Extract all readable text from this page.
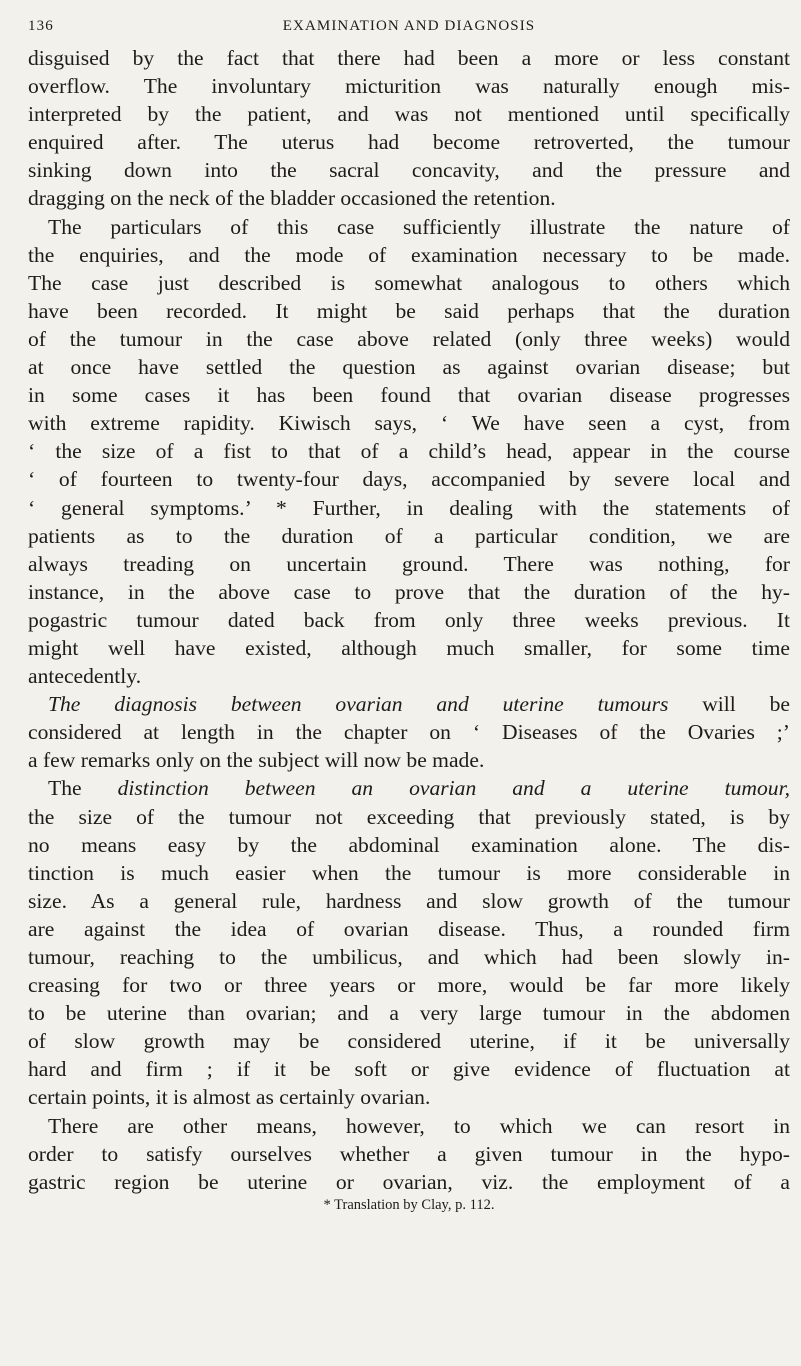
136	EXAMINATION AND DIAGNOSIS
disguised by the fact that there had been a more or less constant
overflow. The involuntary micturition was naturally enough mis-
interpreted by the patient, and was not mentioned until specifically
enquired after. The uterus had become retroverted, the tumour
sinking down into the sacral concavity, and the pressure and
dragging on the neck of the bladder occasioned the retention.
The particulars of this case sufficiently illustrate the nature of
the enquiries, and the mode of examination necessary to be made.
The case just described is somewhat analogous to others which
have been recorded. It might be said perhaps that the duration
of the tumour in the case above related (only three weeks) would
at once have settled the question as against ovarian disease; but
in some cases it has been found that ovarian disease progresses
with extreme rapidity. Kiwisch says, ‘ We have seen a cyst, from
‘ the size of a fist to that of a child’s head, appear in the course
‘ of fourteen to twenty-four days, accompanied by severe local and
‘ general symptoms.’ * Further, in dealing with the statements of
patients as to the duration of a particular condition, we are
always treading on uncertain ground. There was nothing, for
instance, in the above case to prove that the duration of the hy-
pogastric tumour dated back from only three weeks previous. It
might well have existed, although much smaller, for some time
antecedently.
The diagnosis between ovarian and uterine tumours will be
considered at length in the chapter on ‘ Diseases of the Ovaries ;’
a few remarks only on the subject will now be made.
The distinction between an ovarian and a uterine tumour,
the size of the tumour not exceeding that previously stated, is by
no means easy by the abdominal examination alone. The dis-
tinction is much easier when the tumour is more considerable in
size. As a general rule, hardness and slow growth of the tumour
are against the idea of ovarian disease. Thus, a rounded firm
tumour, reaching to the umbilicus, and which had been slowly in-
creasing for two or three years or more, would be far more likely
to be uterine than ovarian; and a very large tumour in the abdomen
of slow growth may be considered uterine, if it be universally
hard and firm ; if it be soft or give evidence of fluctuation at
certain points, it is almost as certainly ovarian.
There are other means, however, to which we can resort in
order to satisfy ourselves whether a given tumour in the hypo-
gastric region be uterine or ovarian, viz. the employment of a
* Translation by Clay, p. 112.
